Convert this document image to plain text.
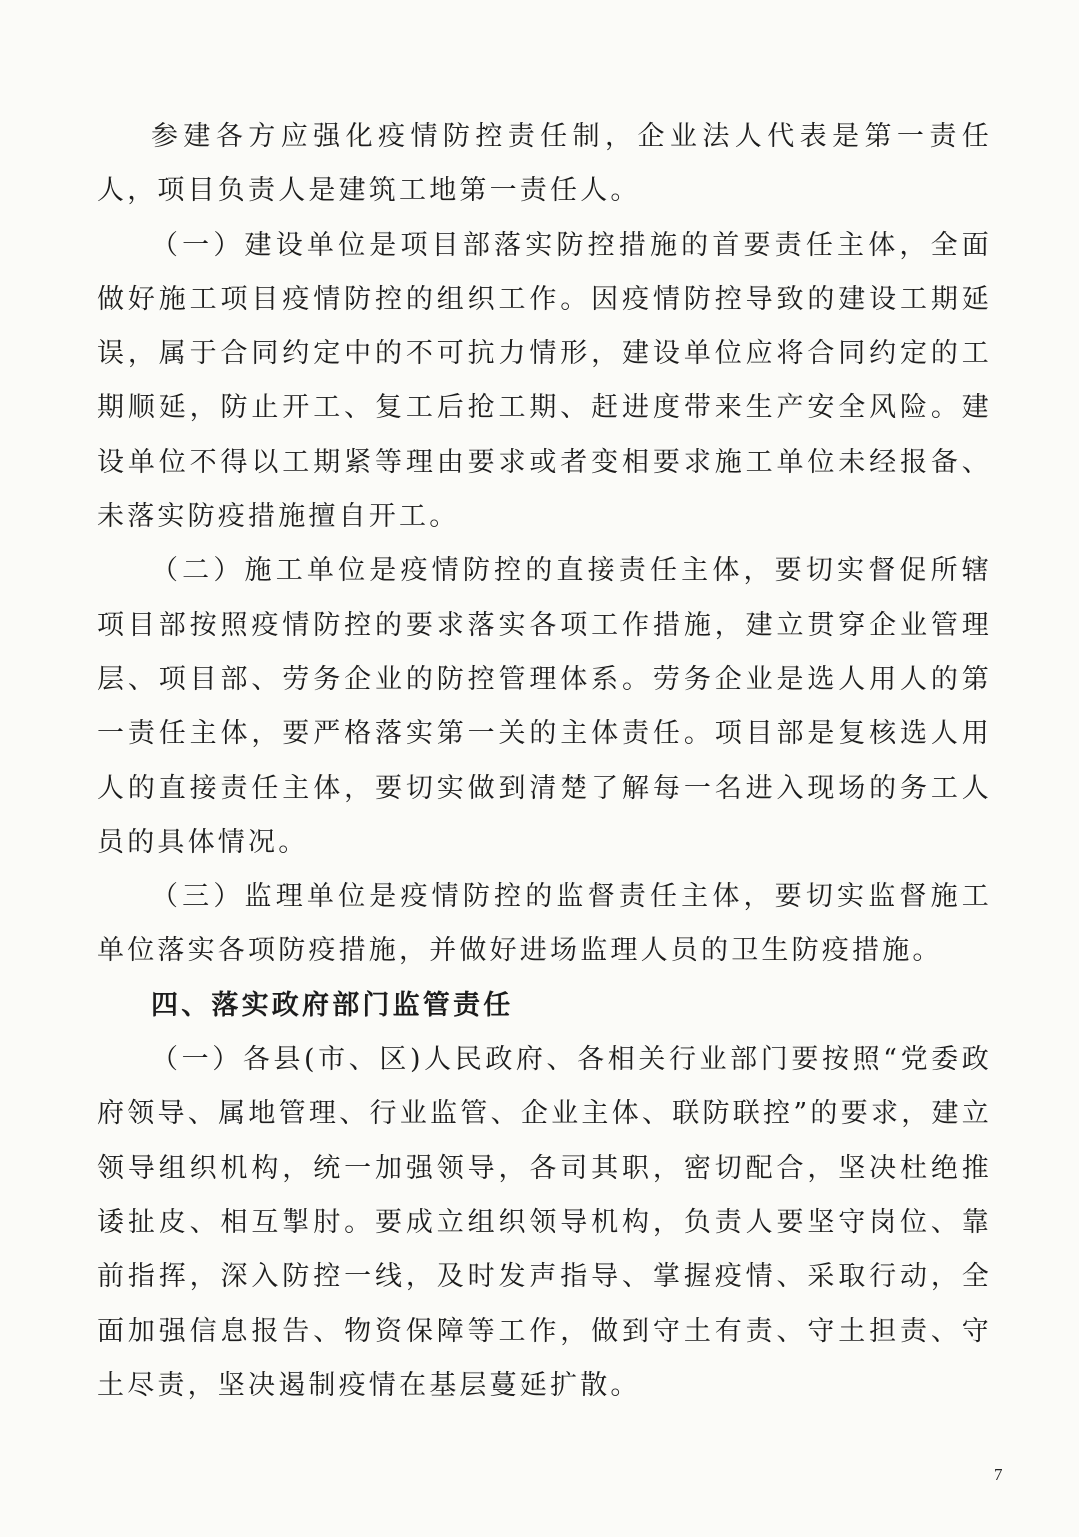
参建各方应强化疫情防控责任制，企业法人代表是第一责任人，项目负责人是建筑工地第一责任人。

（一）建设单位是项目部落实防控措施的首要责任主体，全面做好施工项目疫情防控的组织工作。因疫情防控导致的建设工期延误，属于合同约定中的不可抗力情形，建设单位应将合同约定的工期顺延，防止开工、复工后抢工期、赶进度带来生产安全风险。建设单位不得以工期紧等理由要求或者变相要求施工单位未经报备、未落实防疫措施擅自开工。

（二）施工单位是疫情防控的直接责任主体，要切实督促所辖项目部按照疫情防控的要求落实各项工作措施，建立贯穿企业管理层、项目部、劳务企业的防控管理体系。劳务企业是选人用人的第一责任主体，要严格落实第一关的主体责任。项目部是复核选人用人的直接责任主体，要切实做到清楚了解每一名进入现场的务工人员的具体情况。

（三）监理单位是疫情防控的监督责任主体，要切实监督施工单位落实各项防疫措施，并做好进场监理人员的卫生防疫措施。

四、落实政府部门监管责任

（一）各县(市、区)人民政府、各相关行业部门要按照“党委政府领导、属地管理、行业监管、企业主体、联防联控”的要求，建立领导组织机构，统一加强领导，各司其职，密切配合，坚决杜绝推诿扯皮、相互掣肘。要成立组织领导机构，负责人要坚守岗位、靠前指挥，深入防控一线，及时发声指导、掌握疫情、采取行动，全面加强信息报告、物资保障等工作，做到守土有责、守土担责、守土尽责，坚决遏制疫情在基层蔓延扩散。

7
